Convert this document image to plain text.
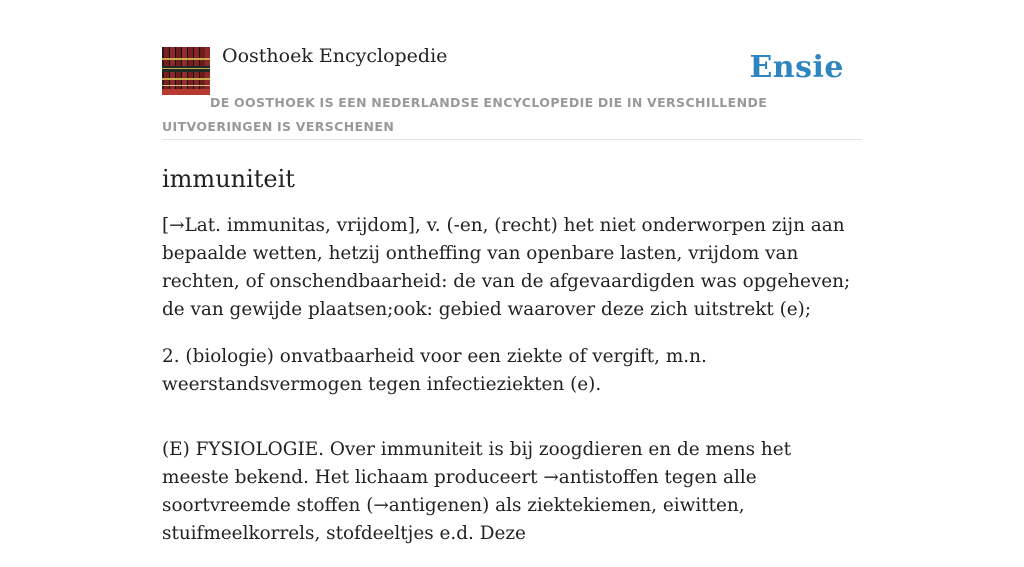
Oosthoek Encyclopedie	Ensie
DE OOSTHOEK IS EEN NEDERLANDSE ENCYCLOPEDIE DIE IN VERSCHILLENDE UITVOERINGEN IS VERSCHENEN
immuniteit

[→Lat. immunitas, vrijdom], v. (-en, (recht) het niet onderworpen zijn aan bepaalde wetten, hetzij ontheffing van openbare lasten, vrijdom van rechten, of onschendbaarheid: de van de afgevaardigden was opgeheven; de van gewijde plaatsen;ook: gebied waarover deze zich uitstrekt (e);

2. (biologie) onvatbaarheid voor een ziekte of vergift, m.n. weerstandsvermogen tegen infectieziekten (e).

(E) FYSIOLOGIE. Over immuniteit is bij zoogdieren en de mens het meeste bekend. Het lichaam produceert →antistoffen tegen alle soortvreemde stoffen (→antigenen) als ziektekiemen, eiwitten, stuifmeelkorrels, stofdeeltjes e.d. Deze
